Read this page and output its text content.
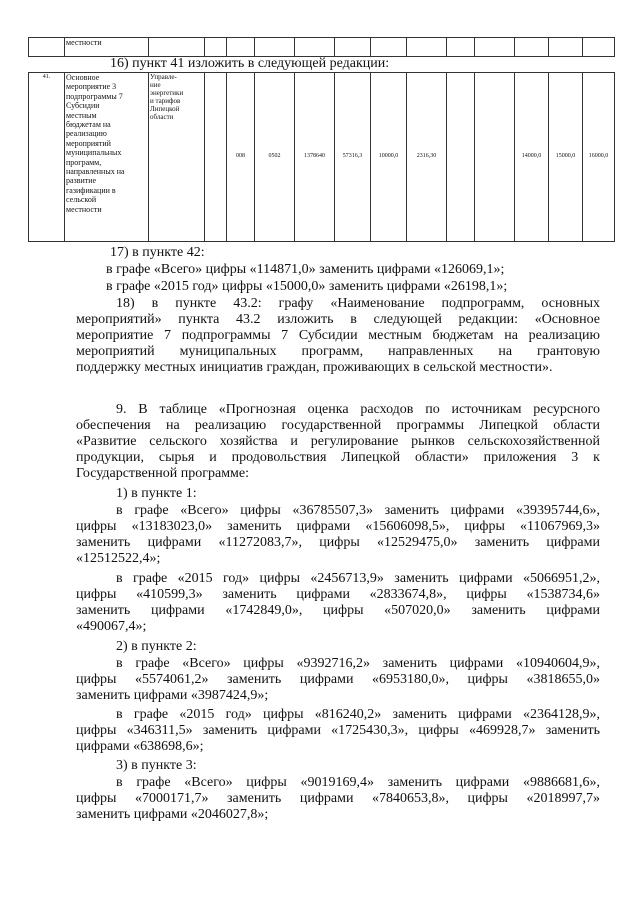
	местности													

16) пункт 41 изложить в следующей редакции:

41.	Основное
мероприятие 3
подпрограммы 7
Субсидии
местным
бюджетам на
реализацию
мероприятий
муниципальных
программ,
направленных на
развитие
газификации в
сельской
местности

Управле-
ние
энергетики
и тарифов
Липецкой
области
		008	0502	1378640	57316,3	10000,0	2316,30			14000,0	15000,0	16000,0

17) в пункте 42:

в графе «Всего» цифры «114871,0» заменить цифрами «126069,1»;

в графе «2015 год» цифры «15000,0» заменить цифрами «26198,1»;

18) в пункте 43.2: графу «Наименование подпрограмм, основных
мероприятий» пункта 43.2 изложить в следующей редакции: «Основное
мероприятие 7 подпрограммы 7 Субсидии местным бюджетам на реализацию
мероприятий муниципальных программ, направленных на грантовую
поддержку местных инициатив граждан, проживающих в сельской местности».
9. В таблице «Прогнозная оценка расходов по источникам ресурсного
обеспечения на реализацию государственной программы Липецкой области
«Развитие сельского хозяйства и регулирование рынков сельскохозяйственной
продукции, сырья и продовольствия Липецкой области» приложения 3 к
Государственной программе:

1) в пункте 1:

в графе «Всего» цифры «36785507,3» заменить цифрами «39395744,6»,
цифры «13183023,0» заменить цифрами «15606098,5», цифры «11067969,3»
заменить цифрами «11272083,7», цифры «12529475,0» заменить цифрами
«12512522,4»;
в графе «2015 год» цифры «2456713,9» заменить цифрами «5066951,2»,
цифры «410599,3» заменить цифрами «2833674,8», цифры «1538734,6»
заменить цифрами «1742849,0», цифры «507020,0» заменить цифрами
«490067,4»;

2) в пункте 2:

в графе «Всего» цифры «9392716,2» заменить цифрами «10940604,9»,
цифры «5574061,2» заменить цифрами «6953180,0», цифры «3818655,0»
заменить цифрами «3987424,9»;
в графе «2015 год» цифры «816240,2» заменить цифрами «2364128,9»,
цифры «346311,5» заменить цифрами «1725430,3», цифры «469928,7» заменить
цифрами «638698,6»;

3) в пункте 3:

в графе «Всего» цифры «9019169,4» заменить цифрами «9886681,6»,
цифры «7000171,7» заменить цифрами «7840653,8», цифры «2018997,7»
заменить цифрами «2046027,8»;
